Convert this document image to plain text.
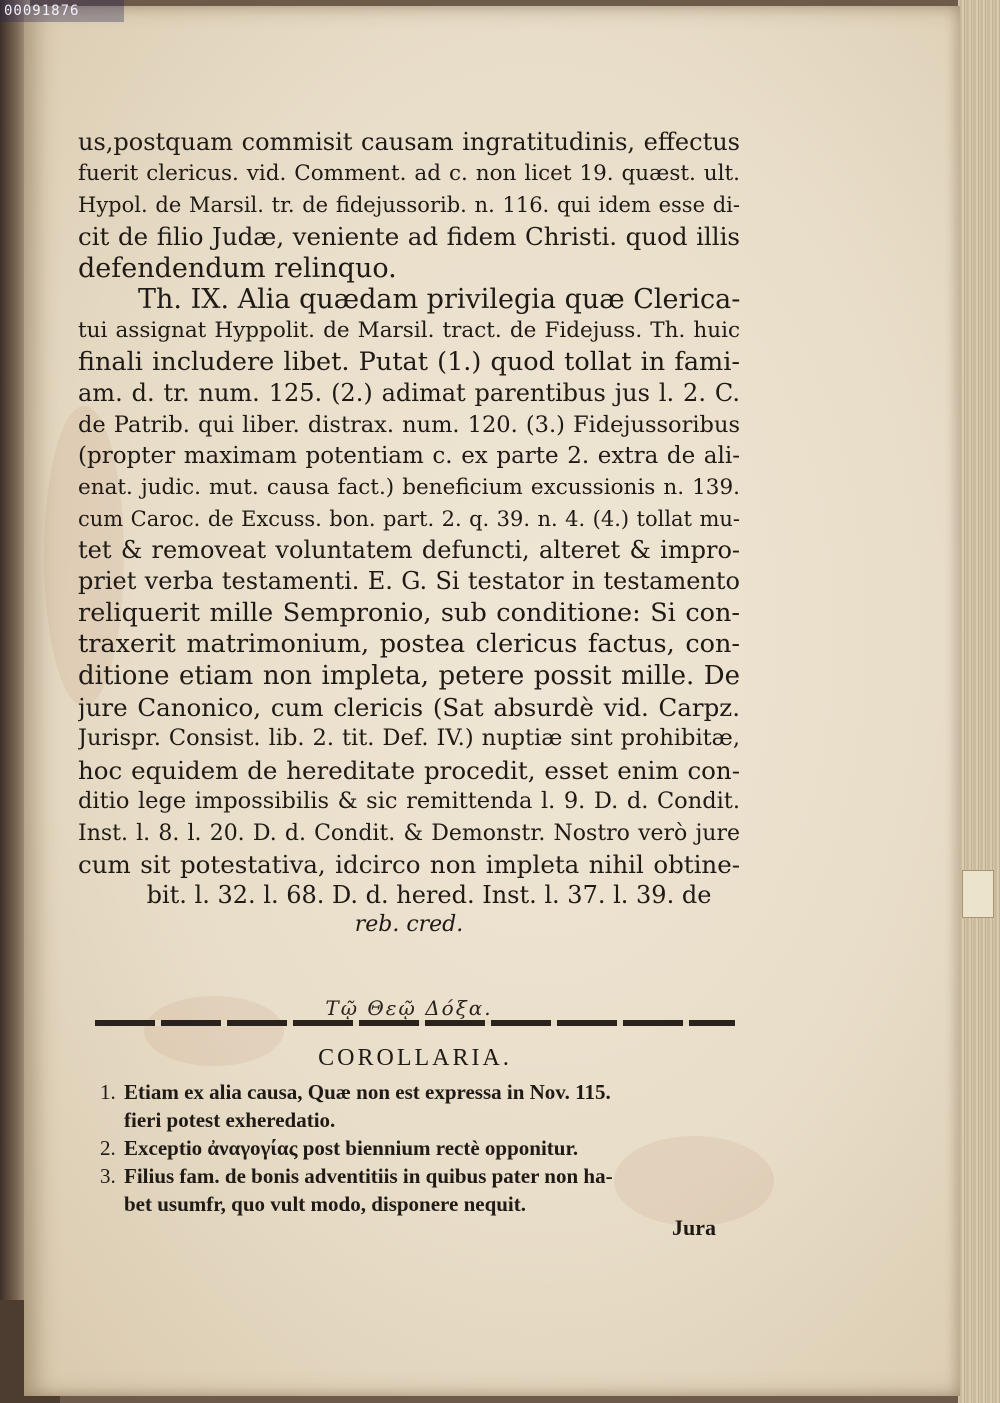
00091876
us,postquam commisit causam ingratitudinis, effectus
fuerit clericus. vid. Comment. ad c. non licet 19. quæst. ult.
Hypol. de Marsil. tr. de fidejussorib. n. 116. qui idem esse di-
cit de filio Judæ, veniente ad fidem Christi. quod illis
defendendum relinquo.
Th. IX. Alia quædam privilegia quæ Clerica-
tui assignat Hyppolit. de Marsil. tract. de Fidejuss. Th. huic
finali includere libet. Putat (1.) quod tollat in fami-
am. d. tr. num. 125. (2.) adimat parentibus jus l. 2. C.
de Patrib. qui liber. distrax. num. 120. (3.) Fidejussoribus
(propter maximam potentiam c. ex parte 2. extra de ali-
enat. judic. mut. causa fact.) beneficium excussionis n. 139.
cum Caroc. de Excuss. bon. part. 2. q. 39. n. 4. (4.) tollat mu-
tet & removeat voluntatem defuncti, alteret & impro-
priet verba testamenti. E. G. Si testator in testamento
reliquerit mille Sempronio, sub conditione: Si con-
traxerit matrimonium, postea clericus factus, con-
ditione etiam non impleta, petere possit mille. De
jure Canonico, cum clericis (Sat absurdè vid. Carpz.
Jurispr. Consist. lib. 2. tit. Def. IV.) nuptiæ sint prohibitæ,
hoc equidem de hereditate procedit, esset enim con-
ditio lege impossibilis & sic remittenda l. 9. D. d. Condit.
Inst. l. 8. l. 20. D. d. Condit. & Demonstr. Nostro verò jure
cum sit potestativa, idcirco non impleta nihil obtine-
bit. l. 32. l. 68. D. d. hered. Inst. l. 37. l. 39. de
reb. cred.
Τῷ Θεῷ Δόξα.
COROLLARIA.
1. Etiam ex alia causa, Quæ non est expressa in Nov. 115.
fieri potest exheredatio.
2. Exceptio ἀναγογίας post biennium rectè opponitur.
3. Filius fam. de bonis adventitiis in quibus pater non ha-
bet usumfr, quo vult modo, disponere nequit.
Jura
